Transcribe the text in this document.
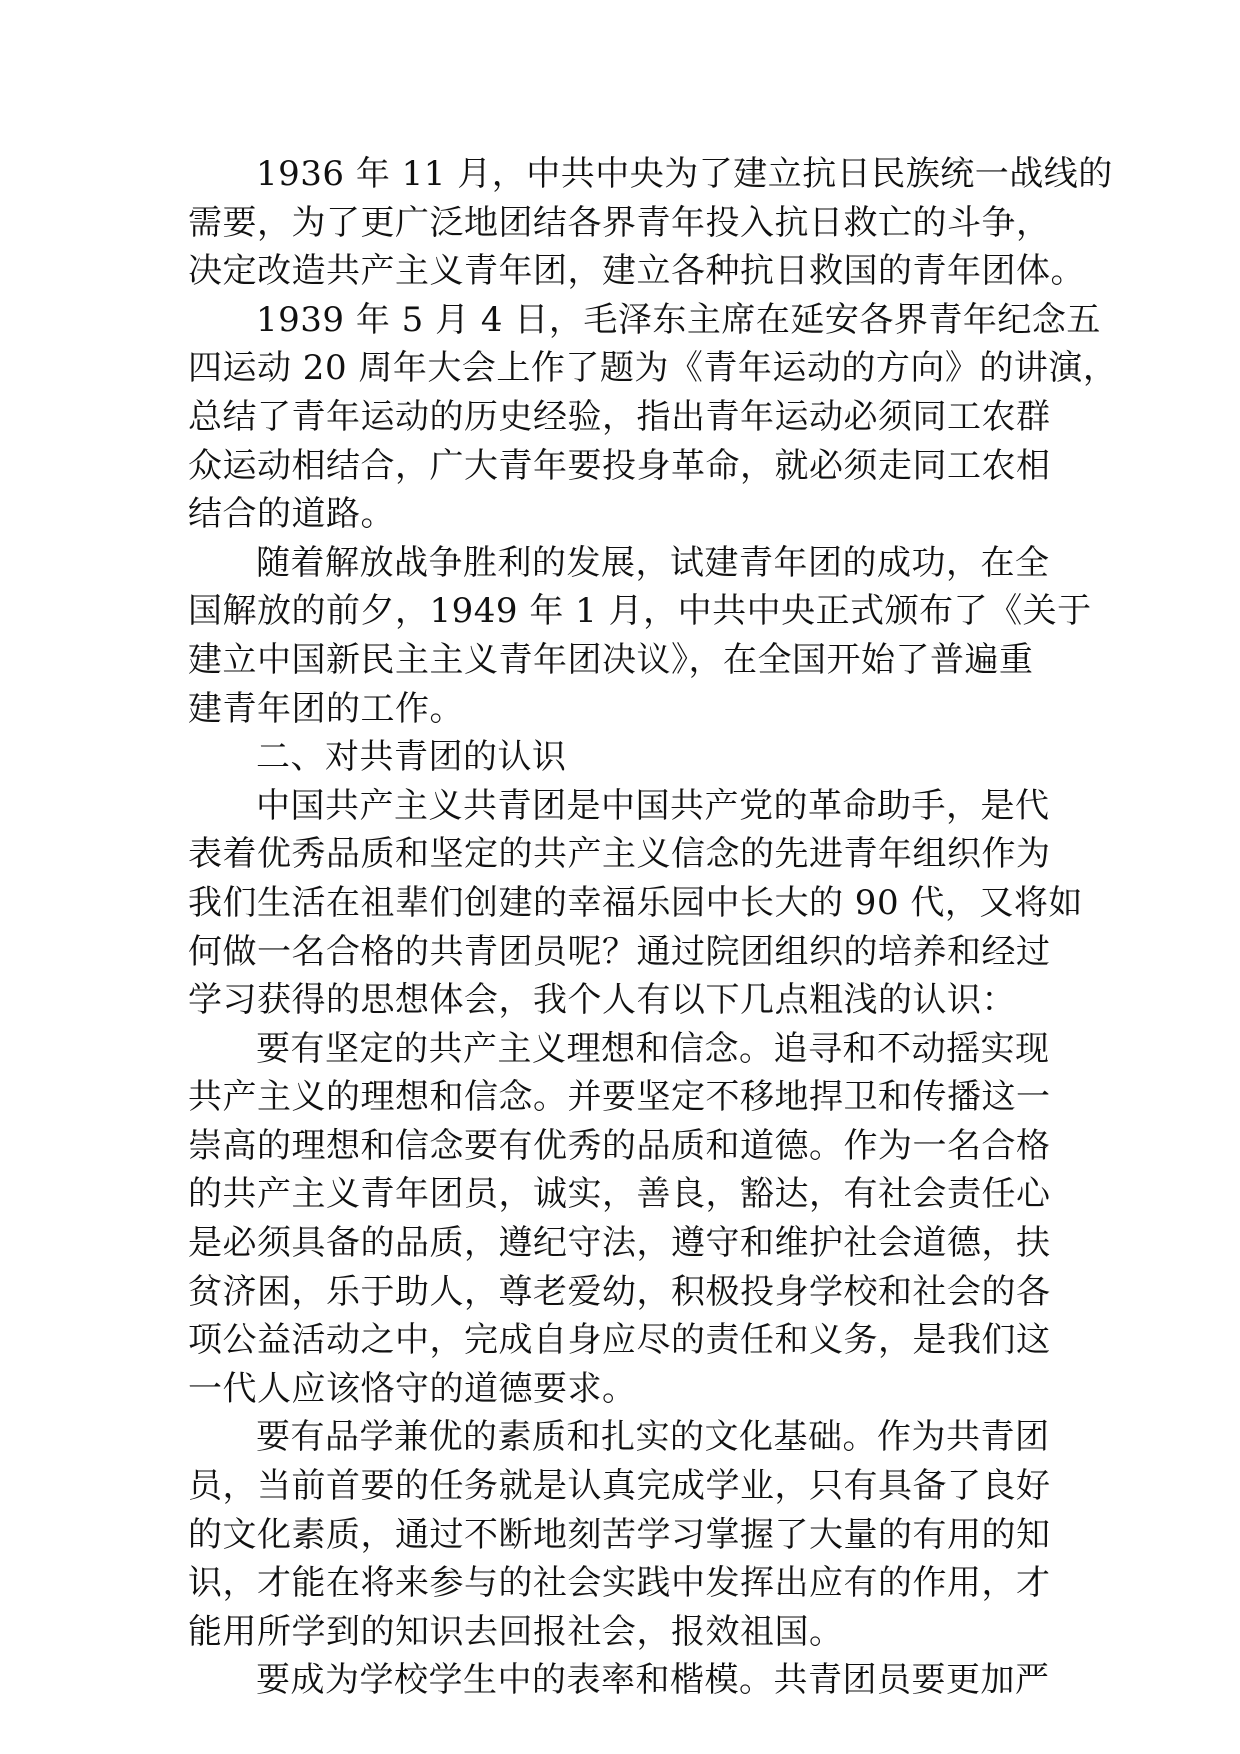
1936 年 11 月，中共中央为了建立抗日民族统一战线的
需要，为了更广泛地团结各界青年投入抗日救亡的斗争，
决定改造共产主义青年团，建立各种抗日救国的青年团体。
1939 年 5 月 4 日，毛泽东主席在延安各界青年纪念五
四运动 20 周年大会上作了题为《青年运动的方向》的讲演，
总结了青年运动的历史经验，指出青年运动必须同工农群
众运动相结合，广大青年要投身革命，就必须走同工农相
结合的道路。
随着解放战争胜利的发展，试建青年团的成功，在全
国解放的前夕，1949 年 1 月，中共中央正式颁布了《关于
建立中国新民主主义青年团决议》，在全国开始了普遍重
建青年团的工作。
二、对共青团的认识
中国共产主义共青团是中国共产党的革命助手，是代
表着优秀品质和坚定的共产主义信念的先进青年组织作为
我们生活在祖辈们创建的幸福乐园中长大的 90 代，又将如
何做一名合格的共青团员呢？通过院团组织的培养和经过
学习获得的思想体会，我个人有以下几点粗浅的认识：
要有坚定的共产主义理想和信念。追寻和不动摇实现
共产主义的理想和信念。并要坚定不移地捍卫和传播这一
崇高的理想和信念要有优秀的品质和道德。作为一名合格
的共产主义青年团员，诚实，善良，豁达，有社会责任心
是必须具备的品质，遵纪守法，遵守和维护社会道德，扶
贫济困，乐于助人，尊老爱幼，积极投身学校和社会的各
项公益活动之中，完成自身应尽的责任和义务，是我们这
一代人应该恪守的道德要求。
要有品学兼优的素质和扎实的文化基础。作为共青团
员，当前首要的任务就是认真完成学业，只有具备了良好
的文化素质，通过不断地刻苦学习掌握了大量的有用的知
识，才能在将来参与的社会实践中发挥出应有的作用，才
能用所学到的知识去回报社会，报效祖国。
要成为学校学生中的表率和楷模。共青团员要更加严
